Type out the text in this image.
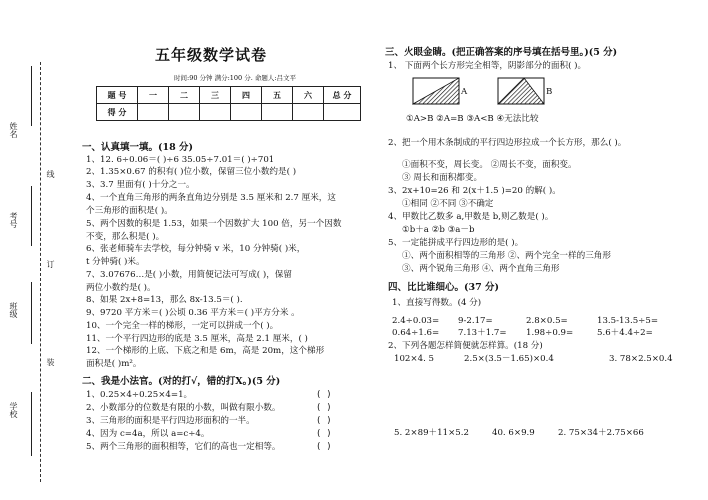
姓名
考号
班级
学校
线
订
装
五年级数学试卷
时间:90 分钟 满分:100 分. 命题人:吕文平
题 号	一	二	三	四	五	六	总 分
得 分							
一、认真填一填。(18 分)
1、12. 6÷0.06＝( )÷6 35.05÷7.01＝( )÷701
2、1.35×0.67 的积有( )位小数，保留三位小数约是( )
3、3.7 里面有( )十分之一。
4、一个直角三角形的两条直角边分别是 3.5 厘米和 2.7 厘米，这
个三角形的面积是( )。
5、两个因数的积是 1.53，如果一个因数扩大 100 倍，另一个因数
不变，那么积是( )。
6、张老师骑车去学校，每分钟骑 v 米，10 分钟骑( )米，
t 分钟骑( )米。
7、3.07676…是( )小数，用简便记法可写成( )，保留
两位小数约是( )。
8、如果 2x+8=13，那么 8x-13.5＝( ).
9、9720 平方米＝( )公顷 0.36 平方米＝( )平方分米 。
10、一个完全一样的梯形，一定可以拼成一个( )。
11、一个平行四边形的底是 3.5 厘米，高是 2.1 厘米，( )
12、一个梯形的上底、下底之和是 6m，高是 20m，这个梯形
面积是( )m²。
二、我是小法官。(对的打√，错的打Ⅹ。)(5 分)
1、0.25×4÷0.25×4=1。	( )
2、小数部分的位数是有限的小数，叫做有限小数。	( )
3、三角形的面积是平行四边形面积的一半。	( )
4、因为 c=4a，所以 a=c÷4。	( )
5、两个三角形的面积相等，它们的高也一定相等。	( )
三、火眼金睛。(把正确答案的序号填在括号里。)(5 分)
1、 下面两个长方形完全相等，阴影部分的面积( )。
A	B
①A>B ②A=B ③A<B ④无法比较
2、把一个用木条制成的平行四边形拉成一个长方形，那么( )。
①面积不变，周长变。 ②周长不变，面积变。
③ 周长和面积都变。
3、2x+10=26 和 2(x＋1.5 )=20 的解( )。
①相同 ②不同 ③不确定
4、甲数比乙数多 a,甲数是 b,则乙数是( )。
①b＋a ②b ③a－b
5、一定能拼成平行四边形的是( )。
①、两个面积相等的三角形 ②、两个完全一样的三角形
③、两个锐角三角形 ④、两个直角三角形
四、比比谁细心。(37 分)
1、直接写得数。(4 分)
2.4÷0.03= 9-2.17=	2.8×0.5=	13.5-13.5÷5=
0.64÷1.6= 7.13＋1.7= 1.98÷0.9=	5.6＋4.4÷2=
2、下列各题怎样简便就怎样算。(18 分)
102×4. 5	2.5×(3.5－1.65)×0.4	3. 78×2.5×0.4
5. 2×89＋11×5.2	40. 6×9.9	2. 75×34＋2.75×66
